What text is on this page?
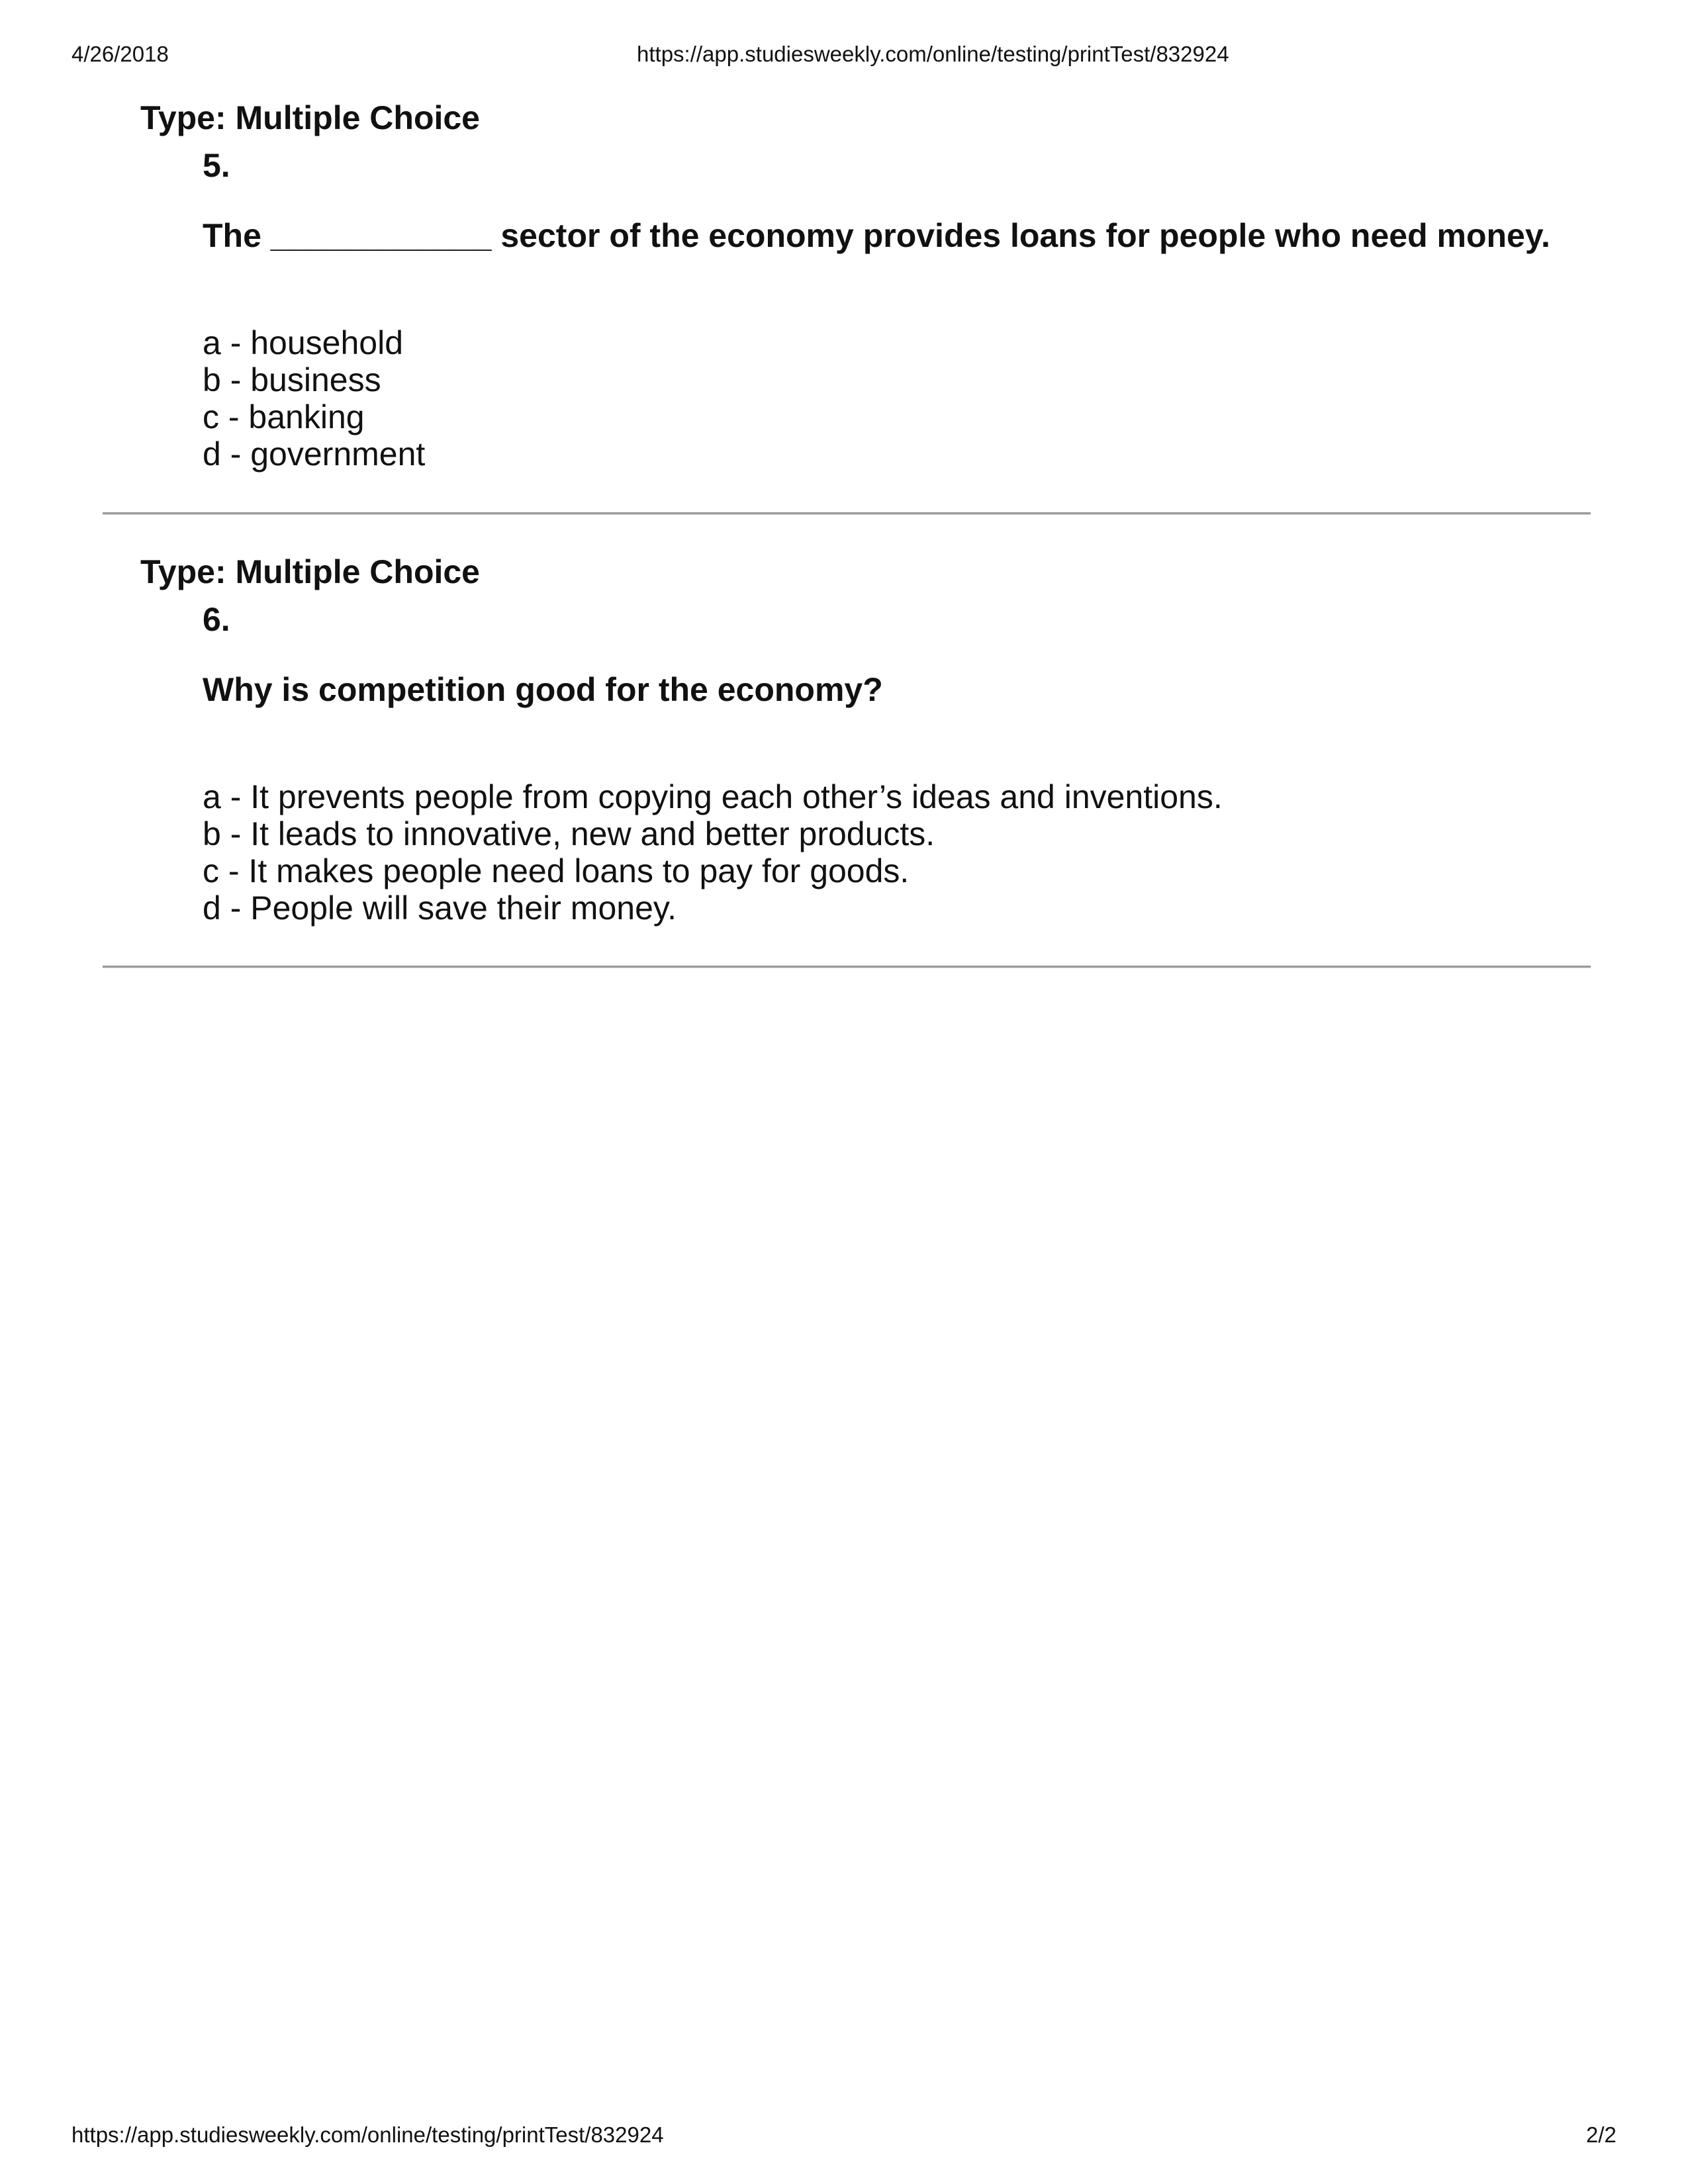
4/26/2018	https://app.studiesweekly.com/online/testing/printTest/832924
Type: Multiple Choice
5.
The ____________ sector of the economy provides loans for people who need money.
a - household
b - business
c - banking
d - government
Type: Multiple Choice
6.
Why is competition good for the economy?
a - It prevents people from copying each other’s ideas and inventions.
b - It leads to innovative, new and better products.
c - It makes people need loans to pay for goods.
d - People will save their money.
https://app.studiesweekly.com/online/testing/printTest/832924	2/2
